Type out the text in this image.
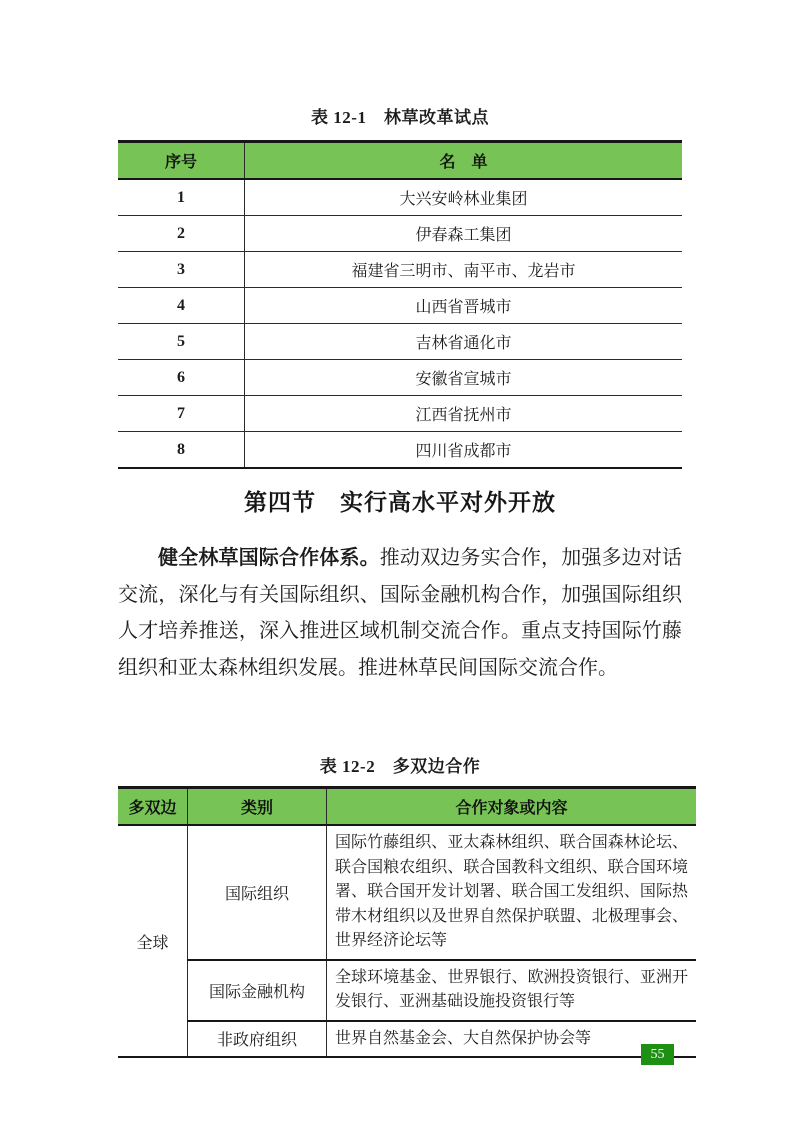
表 12-1　林草改革试点
序号	名　单
1	大兴安岭林业集团
2	伊春森工集团
3	福建省三明市、南平市、龙岩市
4	山西省晋城市
5	吉林省通化市
6	安徽省宣城市
7	江西省抚州市
8	四川省成都市
第四节　实行高水平对外开放

健全林草国际合作体系。推动双边务实合作，加强多边对话交流，深化与有关国际组织、国际金融机构合作，加强国际组织人才培养推送，深入推进区域机制交流合作。重点支持国际竹藤组织和亚太森林组织发展。推进林草民间国际交流合作。

表 12-2　多双边合作
多双边	类别	合作对象或内容
全球	国际组织	国际竹藤组织、亚太森林组织、联合国森林论坛、联合国粮农组织、联合国教科文组织、联合国环境署、联合国开发计划署、联合国工发组织、国际热带木材组织以及世界自然保护联盟、北极理事会、世界经济论坛等
	国际金融机构	全球环境基金、世界银行、欧洲投资银行、亚洲开发银行、亚洲基础设施投资银行等
	非政府组织	世界自然基金会、大自然保护协会等
55
